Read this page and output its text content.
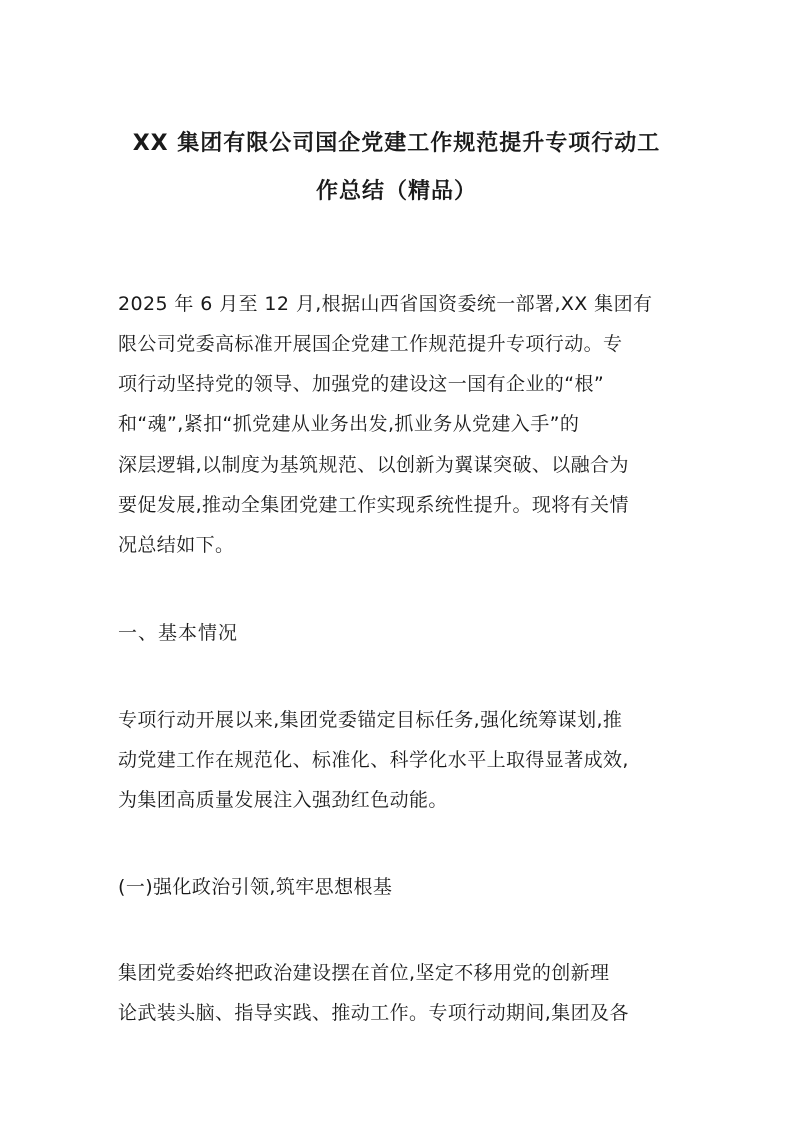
XX 集团有限公司国企党建工作规范提升专项行动工
作总结（精品）
2025 年 6 月至 12 月,根据山西省国资委统一部署,XX 集团有
限公司党委高标准开展国企党建工作规范提升专项行动。专
项行动坚持党的领导、加强党的建设这一国有企业的“根”
和“魂”,紧扣“抓党建从业务出发,抓业务从党建入手”的
深层逻辑,以制度为基筑规范、以创新为翼谋突破、以融合为
要促发展,推动全集团党建工作实现系统性提升。现将有关情
况总结如下。
一、基本情况
专项行动开展以来,集团党委锚定目标任务,强化统筹谋划,推
动党建工作在规范化、标准化、科学化水平上取得显著成效,
为集团高质量发展注入强劲红色动能。
(一)强化政治引领,筑牢思想根基
集团党委始终把政治建设摆在首位,坚定不移用党的创新理
论武装头脑、指导实践、推动工作。专项行动期间,集团及各
